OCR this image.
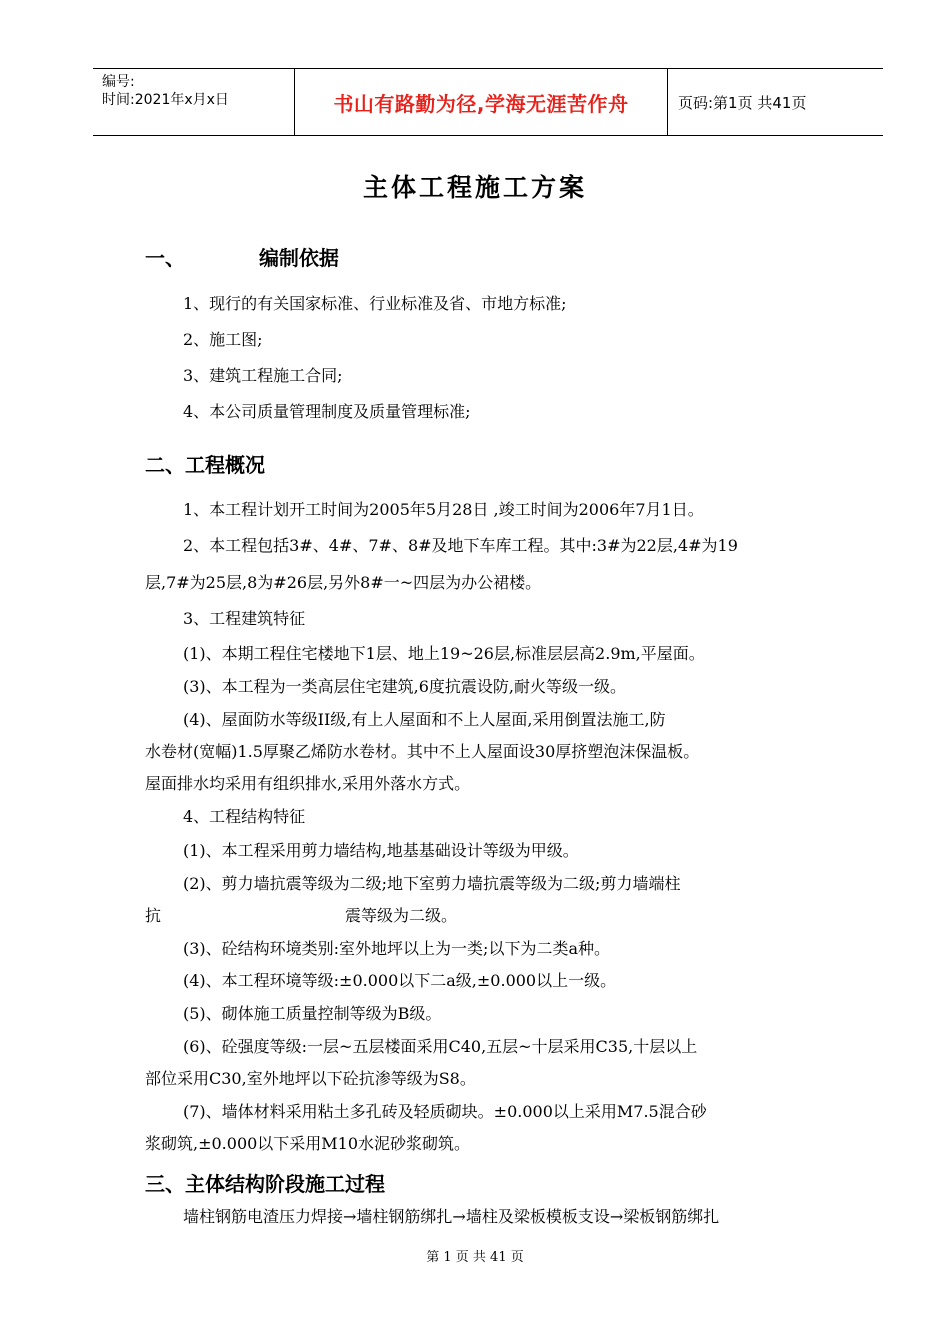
编号:
时间:2021年x月x日	书山有路勤为径,学海无涯苦作舟	页码:第1页 共41页
主体工程施工方案
一、	编制依据
1、现行的有关国家标准、行业标准及省、市地方标准;
2、施工图;
3、建筑工程施工合同;
4、本公司质量管理制度及质量管理标准;
二、工程概况
1、本工程计划开工时间为2005年5月28日 ,竣工时间为2006年7月1日。
2、本工程包括3#、4#、7#、8#及地下车库工程。其中:3#为22层,4#为19
层,7#为25层,8为#26层,另外8#一~四层为办公裙楼。
3、工程建筑特征
(1)、本期工程住宅楼地下1层、地上19~26层,标准层层高2.9m,平屋面。
(3)、本工程为一类高层住宅建筑,6度抗震设防,耐火等级一级。
(4)、屋面防水等级II级,有上人屋面和不上人屋面,采用倒置法施工,防
水卷材(宽幅)1.5厚聚乙烯防水卷材。其中不上人屋面设30厚挤塑泡沫保温板。
屋面排水均采用有组织排水,采用外落水方式。
4、工程结构特征
(1)、本工程采用剪力墙结构,地基基础设计等级为甲级。
(2)、剪力墙抗震等级为二级;地下室剪力墙抗震等级为二级;剪力墙端柱
抗	震等级为二级。
(3)、砼结构环境类别:室外地坪以上为一类;以下为二类a种。
(4)、本工程环境等级:±0.000以下二a级,±0.000以上一级。
(5)、砌体施工质量控制等级为B级。
(6)、砼强度等级:一层~五层楼面采用C40,五层~十层采用C35,十层以上
部位采用C30,室外地坪以下砼抗渗等级为S8。
(7)、墙体材料采用粘土多孔砖及轻质砌块。±0.000以上采用M7.5混合砂
浆砌筑,±0.000以下采用M10水泥砂浆砌筑。
三、主体结构阶段施工过程
墙柱钢筋电渣压力焊接→墙柱钢筋绑扎→墙柱及梁板模板支设→梁板钢筋绑扎
第 1 页 共 41 页
